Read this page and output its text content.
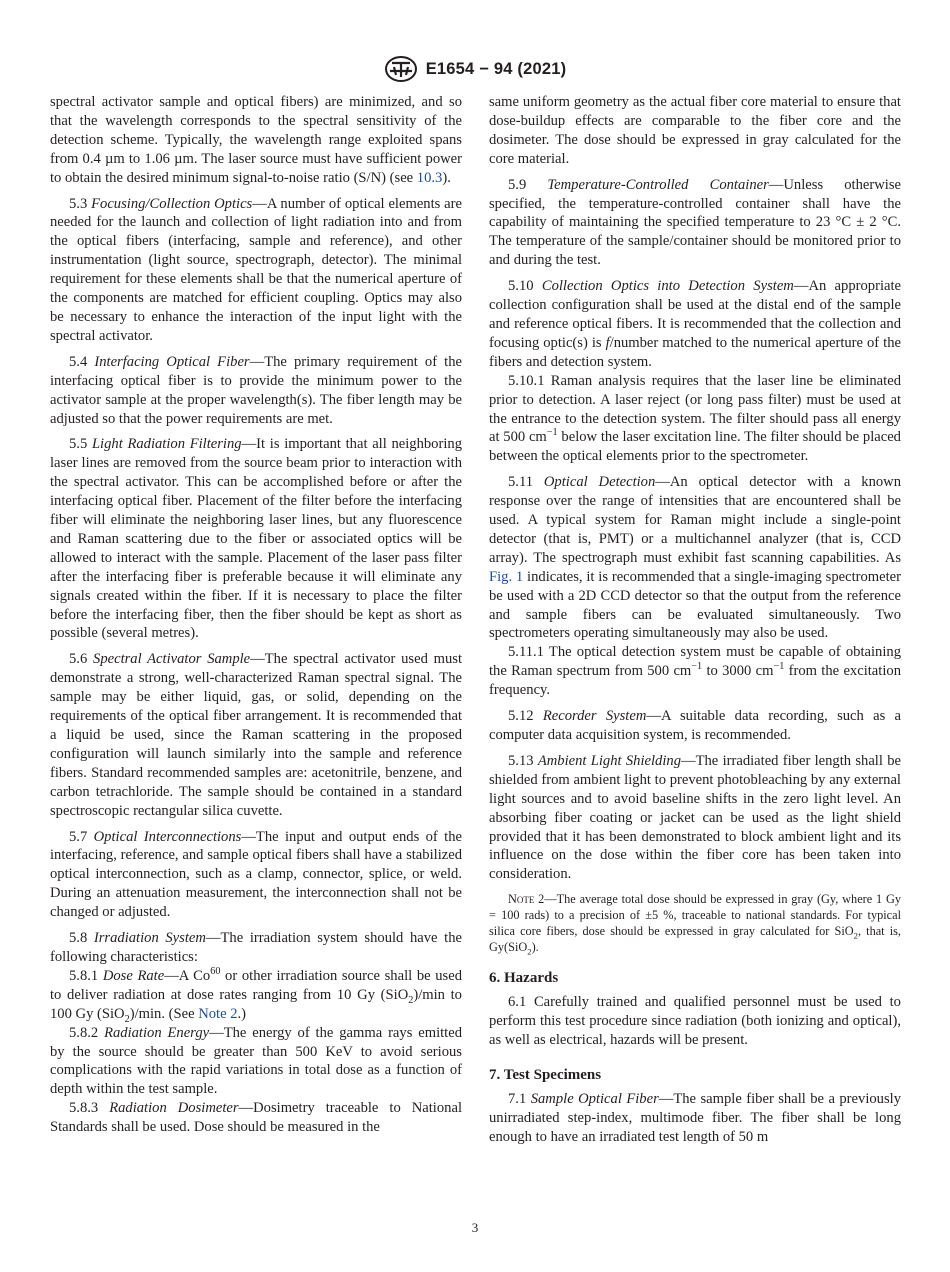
E1654 − 94 (2021)

spectral activator sample and optical fibers) are minimized, and so that the wavelength corresponds to the spectral sensitivity of the detection scheme. Typically, the wavelength range exploited spans from 0.4 µm to 1.06 µm. The laser source must have sufficient power to obtain the desired minimum signal-to-noise ratio (S/N) (see 10.3).

5.3 Focusing/Collection Optics—A number of optical elements are needed for the launch and collection of light radiation into and from the optical fibers (interfacing, sample and reference), and other instrumentation (light source, spectrograph, detector). The minimal requirement for these elements shall be that the numerical aperture of the components are matched for efficient coupling. Optics may also be necessary to enhance the interaction of the input light with the spectral activator.

5.4 Interfacing Optical Fiber—The primary requirement of the interfacing optical fiber is to provide the minimum power to the activator sample at the proper wavelength(s). The fiber length may be adjusted so that the power requirements are met.

5.5 Light Radiation Filtering—It is important that all neighboring laser lines are removed from the source beam prior to interaction with the spectral activator. This can be accomplished before or after the interfacing optical fiber. Placement of the filter before the interfacing fiber will eliminate the neighboring laser lines, but any fluorescence and Raman scattering due to the fiber or associated optics will be allowed to interact with the sample. Placement of the laser pass filter after the interfacing fiber is preferable because it will eliminate any signals created within the fiber. If it is necessary to place the filter before the interfacing fiber, then the fiber should be kept as short as possible (several metres).

5.6 Spectral Activator Sample—The spectral activator used must demonstrate a strong, well-characterized Raman spectral signal. The sample may be either liquid, gas, or solid, depending on the requirements of the optical fiber arrangement. It is recommended that a liquid be used, since the Raman scattering in the proposed configuration will launch similarly into the sample and reference fibers. Standard recommended samples are: acetonitrile, benzene, and carbon tetrachloride. The sample should be contained in a standard spectroscopic rectangular silica cuvette.

5.7 Optical Interconnections—The input and output ends of the interfacing, reference, and sample optical fibers shall have a stabilized optical interconnection, such as a clamp, connector, splice, or weld. During an attenuation measurement, the interconnection shall not be changed or adjusted.

5.8 Irradiation System—The irradiation system should have the following characteristics:

5.8.1 Dose Rate—A Co$^{60}$ or other irradiation source shall be used to deliver radiation at dose rates ranging from 10 Gy (SiO$_2$)/min to 100 Gy (SiO$_2$)/min. (See Note 2.)

5.8.2 Radiation Energy—The energy of the gamma rays emitted by the source should be greater than 500 KeV to avoid serious complications with the rapid variations in total dose as a function of depth within the test sample.

5.8.3 Radiation Dosimeter—Dosimetry traceable to National Standards shall be used. Dose should be measured in the

same uniform geometry as the actual fiber core material to ensure that dose-buildup effects are comparable to the fiber core and the dosimeter. The dose should be expressed in gray calculated for the core material.

5.9 Temperature-Controlled Container—Unless otherwise specified, the temperature-controlled container shall have the capability of maintaining the specified temperature to 23 °C ± 2 °C. The temperature of the sample/container should be monitored prior to and during the test.

5.10 Collection Optics into Detection System—An appropriate collection configuration shall be used at the distal end of the sample and reference optical fibers. It is recommended that the collection and focusing optic(s) is f/number matched to the numerical aperture of the fibers and detection system.

5.10.1 Raman analysis requires that the laser line be eliminated prior to detection. A laser reject (or long pass filter) must be used at the entrance to the detection system. The filter should pass all energy at 500 $cm^{-1}$ below the laser excitation line. The filter should be placed between the optical elements prior to the spectrometer.

5.11 Optical Detection—An optical detector with a known response over the range of intensities that are encountered shall be used. A typical system for Raman might include a single-point detector (that is, PMT) or a multichannel analyzer (that is, CCD array). The spectrograph must exhibit fast scanning capabilities. As Fig. 1 indicates, it is recommended that a single-imaging spectrometer be used with a 2D CCD detector so that the output from the reference and sample fibers can be evaluated simultaneously. Two spectrometers operating simultaneously may also be used.

5.11.1 The optical detection system must be capable of obtaining the Raman spectrum from 500 $cm^{-1}$ to 3000 $cm^{-1}$ from the excitation frequency.

5.12 Recorder System—A suitable data recording, such as a computer data acquisition system, is recommended.

5.13 Ambient Light Shielding—The irradiated fiber length shall be shielded from ambient light to prevent photobleaching by any external light sources and to avoid baseline shifts in the zero light level. An absorbing fiber coating or jacket can be used as the light shield provided that it has been demonstrated to block ambient light and its influence on the dose within the fiber core has been taken into consideration.

Note 2—The average total dose should be expressed in gray (Gy, where 1 Gy = 100 rads) to a precision of ±5 %, traceable to national standards. For typical silica core fibers, dose should be expressed in gray calculated for SiO$_2$, that is, Gy(SiO$_2$).

6. Hazards

6.1 Carefully trained and qualified personnel must be used to perform this test procedure since radiation (both ionizing and optical), as well as electrical, hazards will be present.

7. Test Specimens

7.1 Sample Optical Fiber—The sample fiber shall be a previously unirradiated step-index, multimode fiber. The fiber shall be long enough to have an irradiated test length of 50 m

3
